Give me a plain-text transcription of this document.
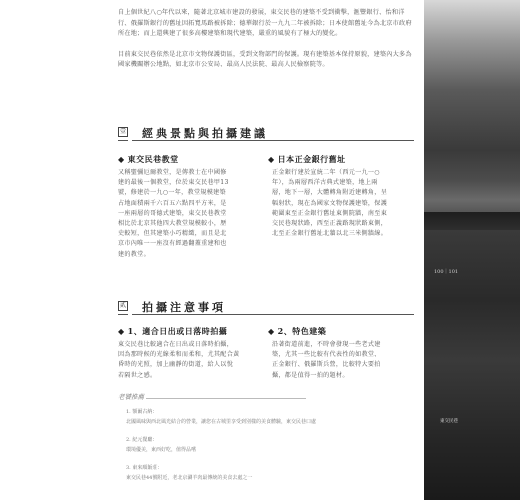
自上個世紀八○年代以來，隨著北京城市建設的發展，東交民巷的建築不受到衝擊，滙豐銀行、怡和洋行、俄羅斯銀行的舊址因拓寬馬路被拆除；德華銀行於一九九二年被拆除；日本使館舊址今為北京市政府所在地；而上還興建了很多高樓建築和現代建築，嚴重的風貌有了極大的變化。

目前東交民巷依然是北京市文物保護街區，受到文物部門的保護。現有建築基本保持原貌，建築內大多為國家機關辦公地點，如北京市公安局、最高人民法院、最高人民檢察院等。

壹 經典景點與拍攝建議
◆ 東交民巷教堂
又稱聖彌厄爾教堂，是傳教士在中國修
建的最後一個教堂，位於東交民巷甲13
號，修建於一九○一年，教堂規模建築
占地面積兩千六百五六點四平方米，是
一座兩層的哥德式建築，東交民巷教堂
相比於北京其他四大教堂規模較小，歷
史較短，但其建築小巧精緻，而且是北
京市內唯一一座沒有經過翻蓋重建和也
建的教堂。
◆ 日本正金銀行舊址
正金銀行建於宣統二年（西元一九一○
年），為兩層西洋古典式建築，地上兩
層，地下一層，大體轉角附近建轉角，呈
幅射狀，現在為國家文物保護建築，保護
範圍東至正金銀行舊址東側院牆，南至東
交民巷現狀路，西至正義路現狀路東側，
北至正金銀行舊址北牆以北三米側牆線。
貳 拍攝注意事項
◆ 1、適合日出或日落時拍攝
東交民巷比較適合在日出或日落時拍攝，
因為那時候的光線柔和而柔和，尤其配合黃
昏時的光照，加上幽靜的街道，給人以悅
若隔世之感。
◆ 2、特色建築
沿著街道前進，不時會發現一些老式建
築，尤其一些比較有代表性的如教堂、
正金銀行、俄羅斯兵營，比較特大要拍
攝，都是值得一拍的題材。
老饕推薦
1. 額爾古納：
北國風味與西北風光結合的營業，讓您在古城里享受到別樣的美食體驗，東交民巷口處
2. 紀元餐廳：
環境優美，東西好吃，值得品嚐
3. 東來順飯莊：
東交民巷44號附近，老北京涮羊肉最傳統的美食去處之一
100｜101
東交民巷
